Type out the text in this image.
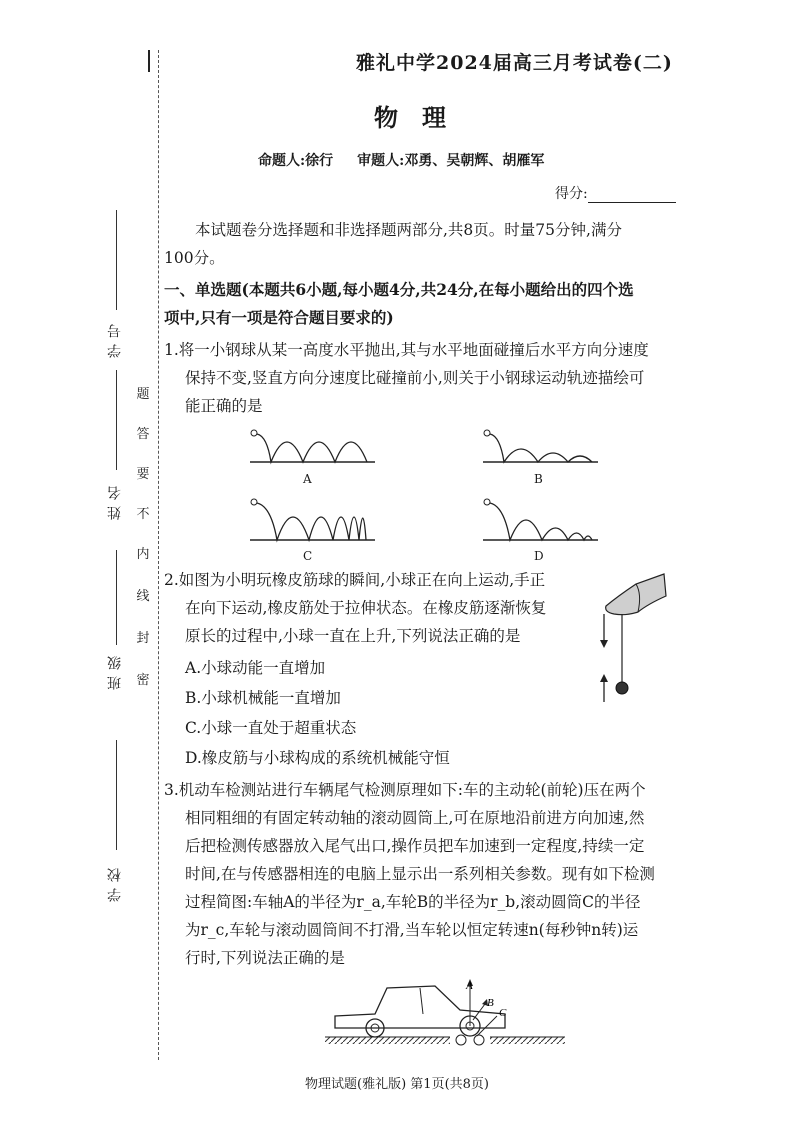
学号
姓名
班级
学校
题
答
要
不
内
线
封
密
雅礼中学2024届高三月考试卷(二)
物理
命题人:徐行 审题人:邓勇、吴朝辉、胡雁军
得分:
本试题卷分选择题和非选择题两部分,共8页。时量75分钟,满分
100分。
一、单选题(本题共6小题,每小题4分,共24分,在每小题给出的四个选
项中,只有一项是符合题目要求的)
1.将一小钢球从某一高度水平抛出,其与水平地面碰撞后水平方向分速度
保持不变,竖直方向分速度比碰撞前小,则关于小钢球运动轨迹描绘可
能正确的是
A	B
C	D
2.如图为小明玩橡皮筋球的瞬间,小球正在向上运动,手正
在向下运动,橡皮筋处于拉伸状态。在橡皮筋逐渐恢复
原长的过程中,小球一直在上升,下列说法正确的是
A.小球动能一直增加
B.小球机械能一直增加
C.小球一直处于超重状态
D.橡皮筋与小球构成的系统机械能守恒
3.机动车检测站进行车辆尾气检测原理如下:车的主动轮(前轮)压在两个
相同粗细的有固定转动轴的滚动圆筒上,可在原地沿前进方向加速,然
后把检测传感器放入尾气出口,操作员把车加速到一定程度,持续一定
时间,在与传感器相连的电脑上显示出一系列相关参数。现有如下检测
过程简图:车轴A的半径为r_a,车轮B的半径为r_b,滚动圆筒C的半径
为r_c,车轮与滚动圆筒间不打滑,当车轮以恒定转速n(每秒钟n转)运
行时,下列说法正确的是
A
B
C
物理试题(雅礼版) 第1页(共8页)
